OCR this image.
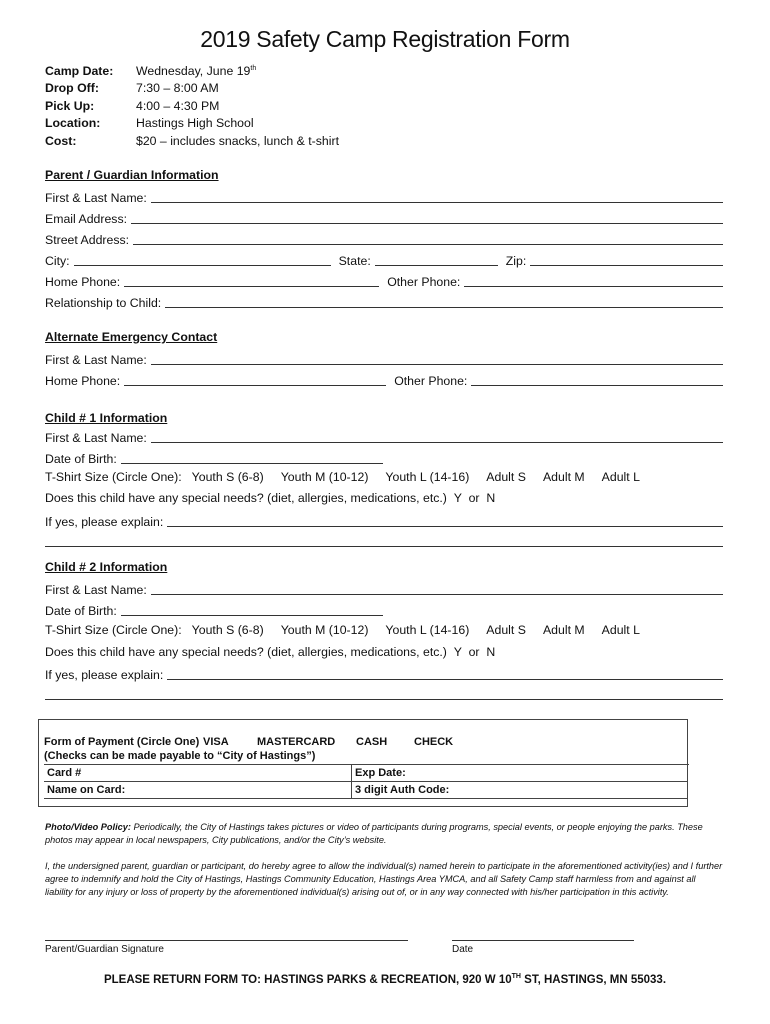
2019 Safety Camp Registration Form
Camp Date:	Wednesday, June 19th
Drop Off:	7:30 – 8:00 AM
Pick Up:	4:00 – 4:30 PM
Location:	Hastings High School
Cost:	$20 – includes snacks, lunch & t-shirt
Parent / Guardian Information
First & Last Name:
Email Address:
Street Address:
City:	State:	Zip:
Home Phone:	Other Phone:
Relationship to Child:
Alternate Emergency Contact
First & Last Name:
Home Phone:	Other Phone:
Child # 1 Information
First & Last Name:
Date of Birth:
T-Shirt Size (Circle One): Youth S (6-8) Youth M (10-12) Youth L (14-16) Adult S Adult M Adult L
Does this child have any special needs? (diet, allergies, medications, etc.) Y  or  N
If yes, please explain:
Child # 2 Information
First & Last Name:
Date of Birth:
T-Shirt Size (Circle One): Youth S (6-8) Youth M (10-12) Youth L (14-16) Adult S Adult M Adult L
Does this child have any special needs? (diet, allergies, medications, etc.) Y  or  N
If yes, please explain:
Form of Payment (Circle One) VISA	MASTERCARD	CASH	CHECK
(Checks can be made payable to “City of Hastings”)
Card #	Exp Date:
Name on Card:	3 digit Auth Code:
Photo/Video Policy: Periodically, the City of Hastings takes pictures or video of participants during programs, special events, or people enjoying the parks. These photos may appear in local newspapers, City publications, and/or the City’s website.
I, the undersigned parent, guardian or participant, do hereby agree to allow the individual(s) named herein to participate in the aforementioned activity(ies) and I further agree to indemnify and hold the City of Hastings, Hastings Community Education, Hastings Area YMCA, and all Safety Camp staff harmless from and against all liability for any injury or loss of property by the aforementioned individual(s) arising out of, or in any way connected with his/her participation in this activity.
Parent/Guardian Signature	Date
PLEASE RETURN FORM TO: HASTINGS PARKS & RECREATION, 920 W 10TH ST, HASTINGS, MN 55033.
